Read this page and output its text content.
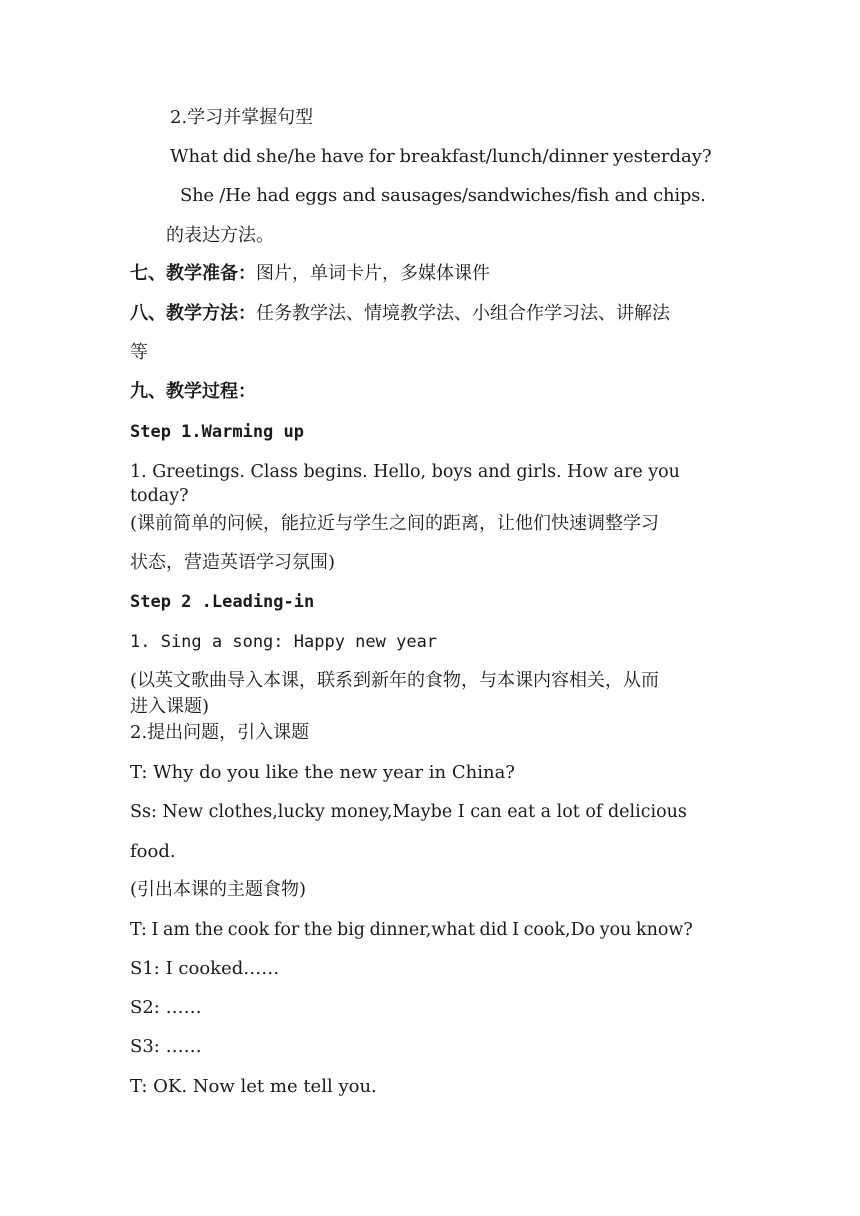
2.学习并掌握句型
What did she/he have for breakfast/lunch/dinner yesterday?
She /He had eggs and sausages/sandwiches/fish and chips.
的表达方法。
七、教学准备：图片，单词卡片，多媒体课件
八、教学方法：任务教学法、情境教学法、小组合作学习法、讲解法
等
九、教学过程：
Step 1.Warming up
1. Greetings. Class begins. Hello, boys and girls. How are you
today?
(课前简单的问候，能拉近与学生之间的距离，让他们快速调整学习
状态，营造英语学习氛围)
Step 2 .Leading-in
1. Sing a song: Happy new year
(以英文歌曲导入本课，联系到新年的食物，与本课内容相关，从而
进入课题)
2.提出问题，引入课题
T: Why do you like the new year in China?
Ss: New clothes,lucky money,Maybe I can eat a lot of delicious
food.
(引出本课的主题食物)
T: I am the cook for the big dinner,what did I cook,Do you know?
S1: I cooked……
S2: ……
S3: ……
T: OK. Now let me tell you.
